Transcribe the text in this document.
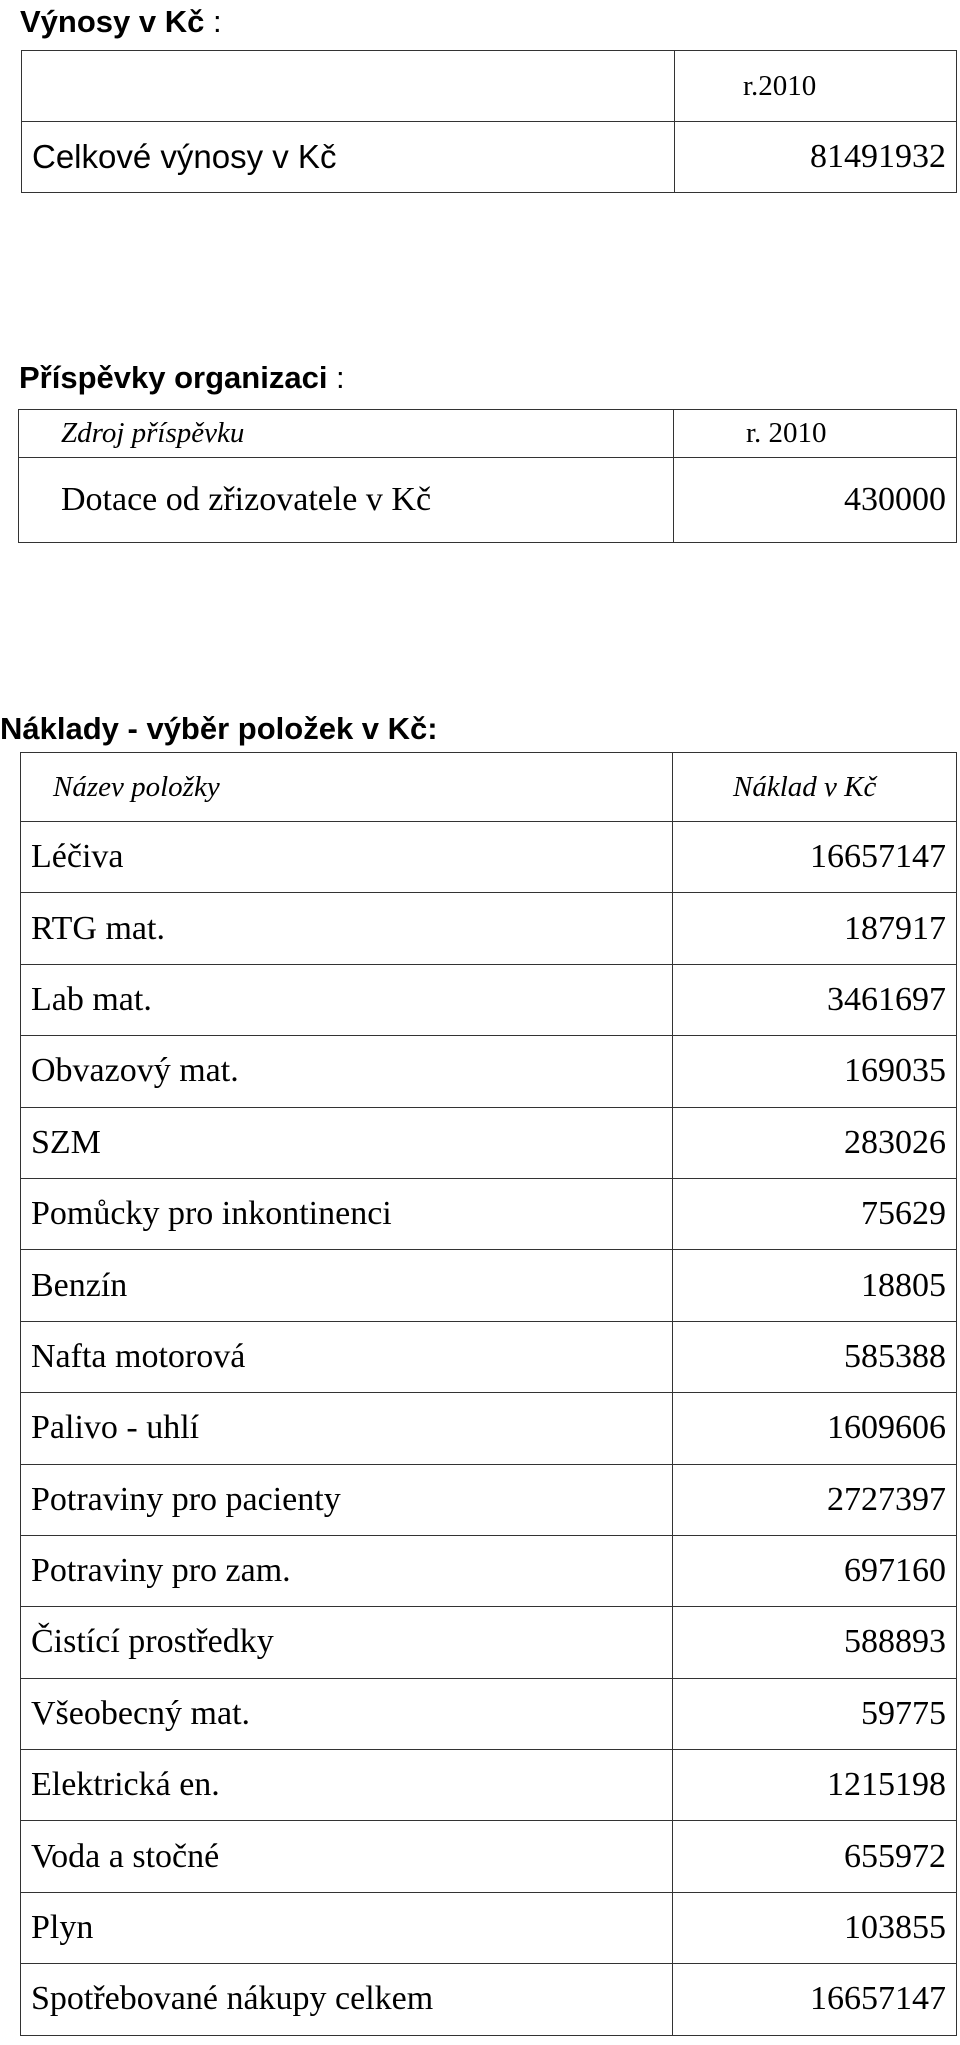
Výnosy v Kč :
	r.2010
Celkové výnosy v Kč	81491932
Příspěvky organizaci :
Zdroj příspěvku	r. 2010
Dotace od zřizovatele v Kč	430000
Náklady - výběr položek v Kč:
Název položky	Náklad v Kč
Léčiva	16657147
RTG mat.	187917
Lab mat.	3461697
Obvazový mat.	169035
SZM	283026
Pomůcky pro inkontinenci	75629
Benzín	18805
Nafta motorová	585388
Palivo - uhlí	1609606
Potraviny pro pacienty	2727397
Potraviny pro zam.	697160
Čistící prostředky	588893
Všeobecný mat.	59775
Elektrická en.	1215198
Voda a stočné	655972
Plyn	103855
Spotřebované nákupy celkem	16657147
